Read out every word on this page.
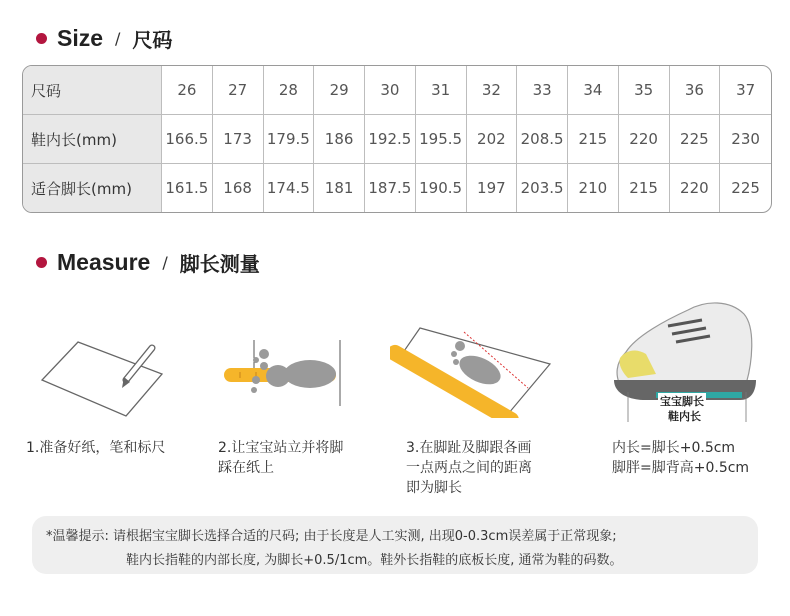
Size / 尺码
尺码	26	27	28	29	30	31	32	33	34	35	36	37
鞋内长(mm)	166.5	173	179.5	186	192.5	195.5	202	208.5	215	220	225	230
适合脚长(mm)	161.5	168	174.5	181	187.5	190.5	197	203.5	210	215	220	225
Measure / 脚长测量
宝宝脚长
鞋内长
1.准备好纸，笔和标尺	2.让宝宝站立并将脚
踩在纸上
3.在脚趾及脚跟各画
一点两点之间的距离
即为脚长
内长=脚长+0.5cm
脚胖=脚背高+0.5cm
*温馨提示: 请根据宝宝脚长选择合适的尺码; 由于长度是人工实测, 出现0-0.3cm误差属于正常现象;
鞋内长指鞋的内部长度, 为脚长+0.5/1cm。鞋外长指鞋的底板长度, 通常为鞋的码数。
